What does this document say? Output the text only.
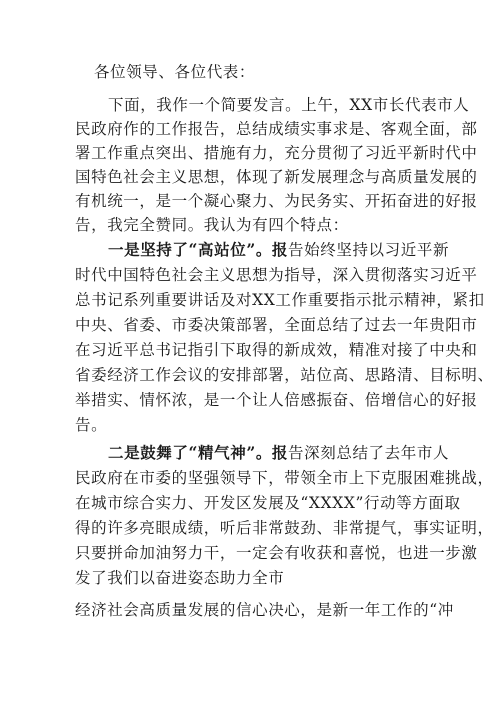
各位领导、各位代表：
下面，我作一个简要发言。上午，XX市长代表市人
民政府作的工作报告，总结成绩实事求是、客观全面，部
署工作重点突出、措施有力，充分贯彻了习近平新时代中
国特色社会主义思想，体现了新发展理念与高质量发展的
有机统一，是一个凝心聚力、为民务实、开拓奋进的好报
告，我完全赞同。我认为有四个特点：
一是坚持了“高站位”。报告始终坚持以习近平新
时代中国特色社会主义思想为指导，深入贯彻落实习近平
总书记系列重要讲话及对XX工作重要指示批示精神，紧扣
中央、省委、市委决策部署，全面总结了过去一年贵阳市
在习近平总书记指引下取得的新成效，精准对接了中央和
省委经济工作会议的安排部署，站位高、思路清、目标明、
举措实、情怀浓，是一个让人倍感振奋、倍增信心的好报
告。
二是鼓舞了“精气神”。报告深刻总结了去年市人
民政府在市委的坚强领导下，带领全市上下克服困难挑战，
在城市综合实力、开发区发展及“XXXX”行动等方面取
得的许多亮眼成绩，听后非常鼓劲、非常提气，事实证明，
只要拼命加油努力干，一定会有收获和喜悦，也进一步激
发了我们以奋进姿态助力全市
经济社会高质量发展的信心决心，是新一年工作的“冲
